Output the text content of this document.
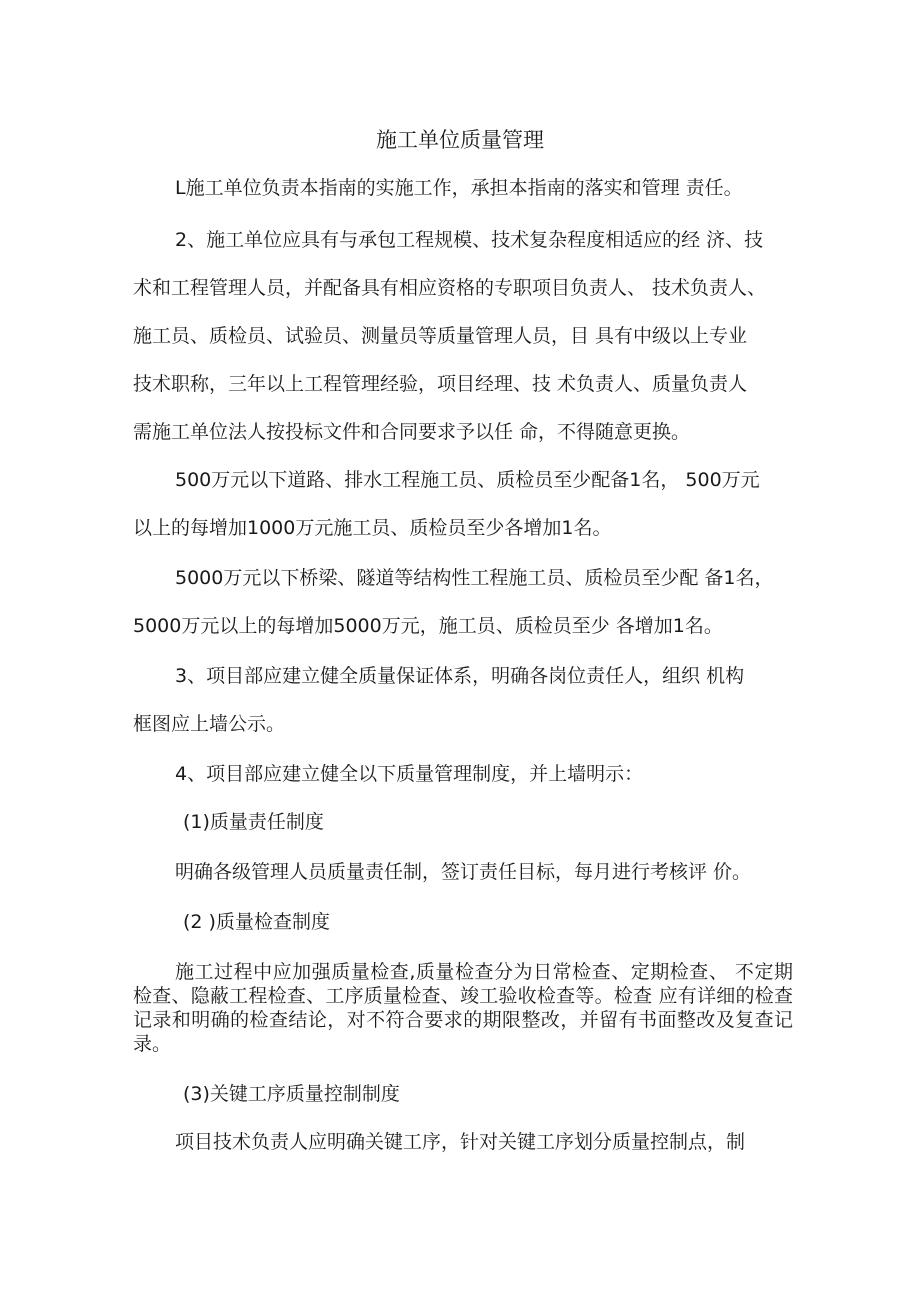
施工单位质量管理
L施工单位负责本指南的实施工作，承担本指南的落实和管理 责任。
2、施工单位应具有与承包工程规模、技术复杂程度相适应的经 济、技
术和工程管理人员，并配备具有相应资格的专职项目负责人、 技术负责人、
施工员、质检员、试验员、测量员等质量管理人员，目 具有中级以上专业
技术职称，三年以上工程管理经验，项目经理、技 术负责人、质量负责人
需施工单位法人按投标文件和合同要求予以任 命，不得随意更换。
500万元以下道路、排水工程施工员、质检员至少配备1名， 500万元
以上的每增加1000万元施工员、质检员至少各增加1名。
5000万元以下桥梁、隧道等结构性工程施工员、质检员至少配 备1名，
5000万元以上的每增加5000万元，施工员、质检员至少 各增加1名。
3、项目部应建立健全质量保证体系，明确各岗位责任人，组织 机构
框图应上墙公示。
4、项目部应建立健全以下质量管理制度，并上墙明示：
(1)质量责任制度
明确各级管理人员质量责任制，签订责任目标，每月进行考核评 价。
(2 )质量检查制度

施工过程中应加强质量检查,质量检查分为日常检查、定期检查、 不定期检查、隐蔽工程检查、工序质量检查、竣工验收检查等。检查 应有详细的检查记录和明确的检查结论，对不符合要求的期限整改，并留有书面整改及复查记录。

(3)关键工序质量控制制度
项目技术负责人应明确关键工序，针对关键工序划分质量控制点，制
